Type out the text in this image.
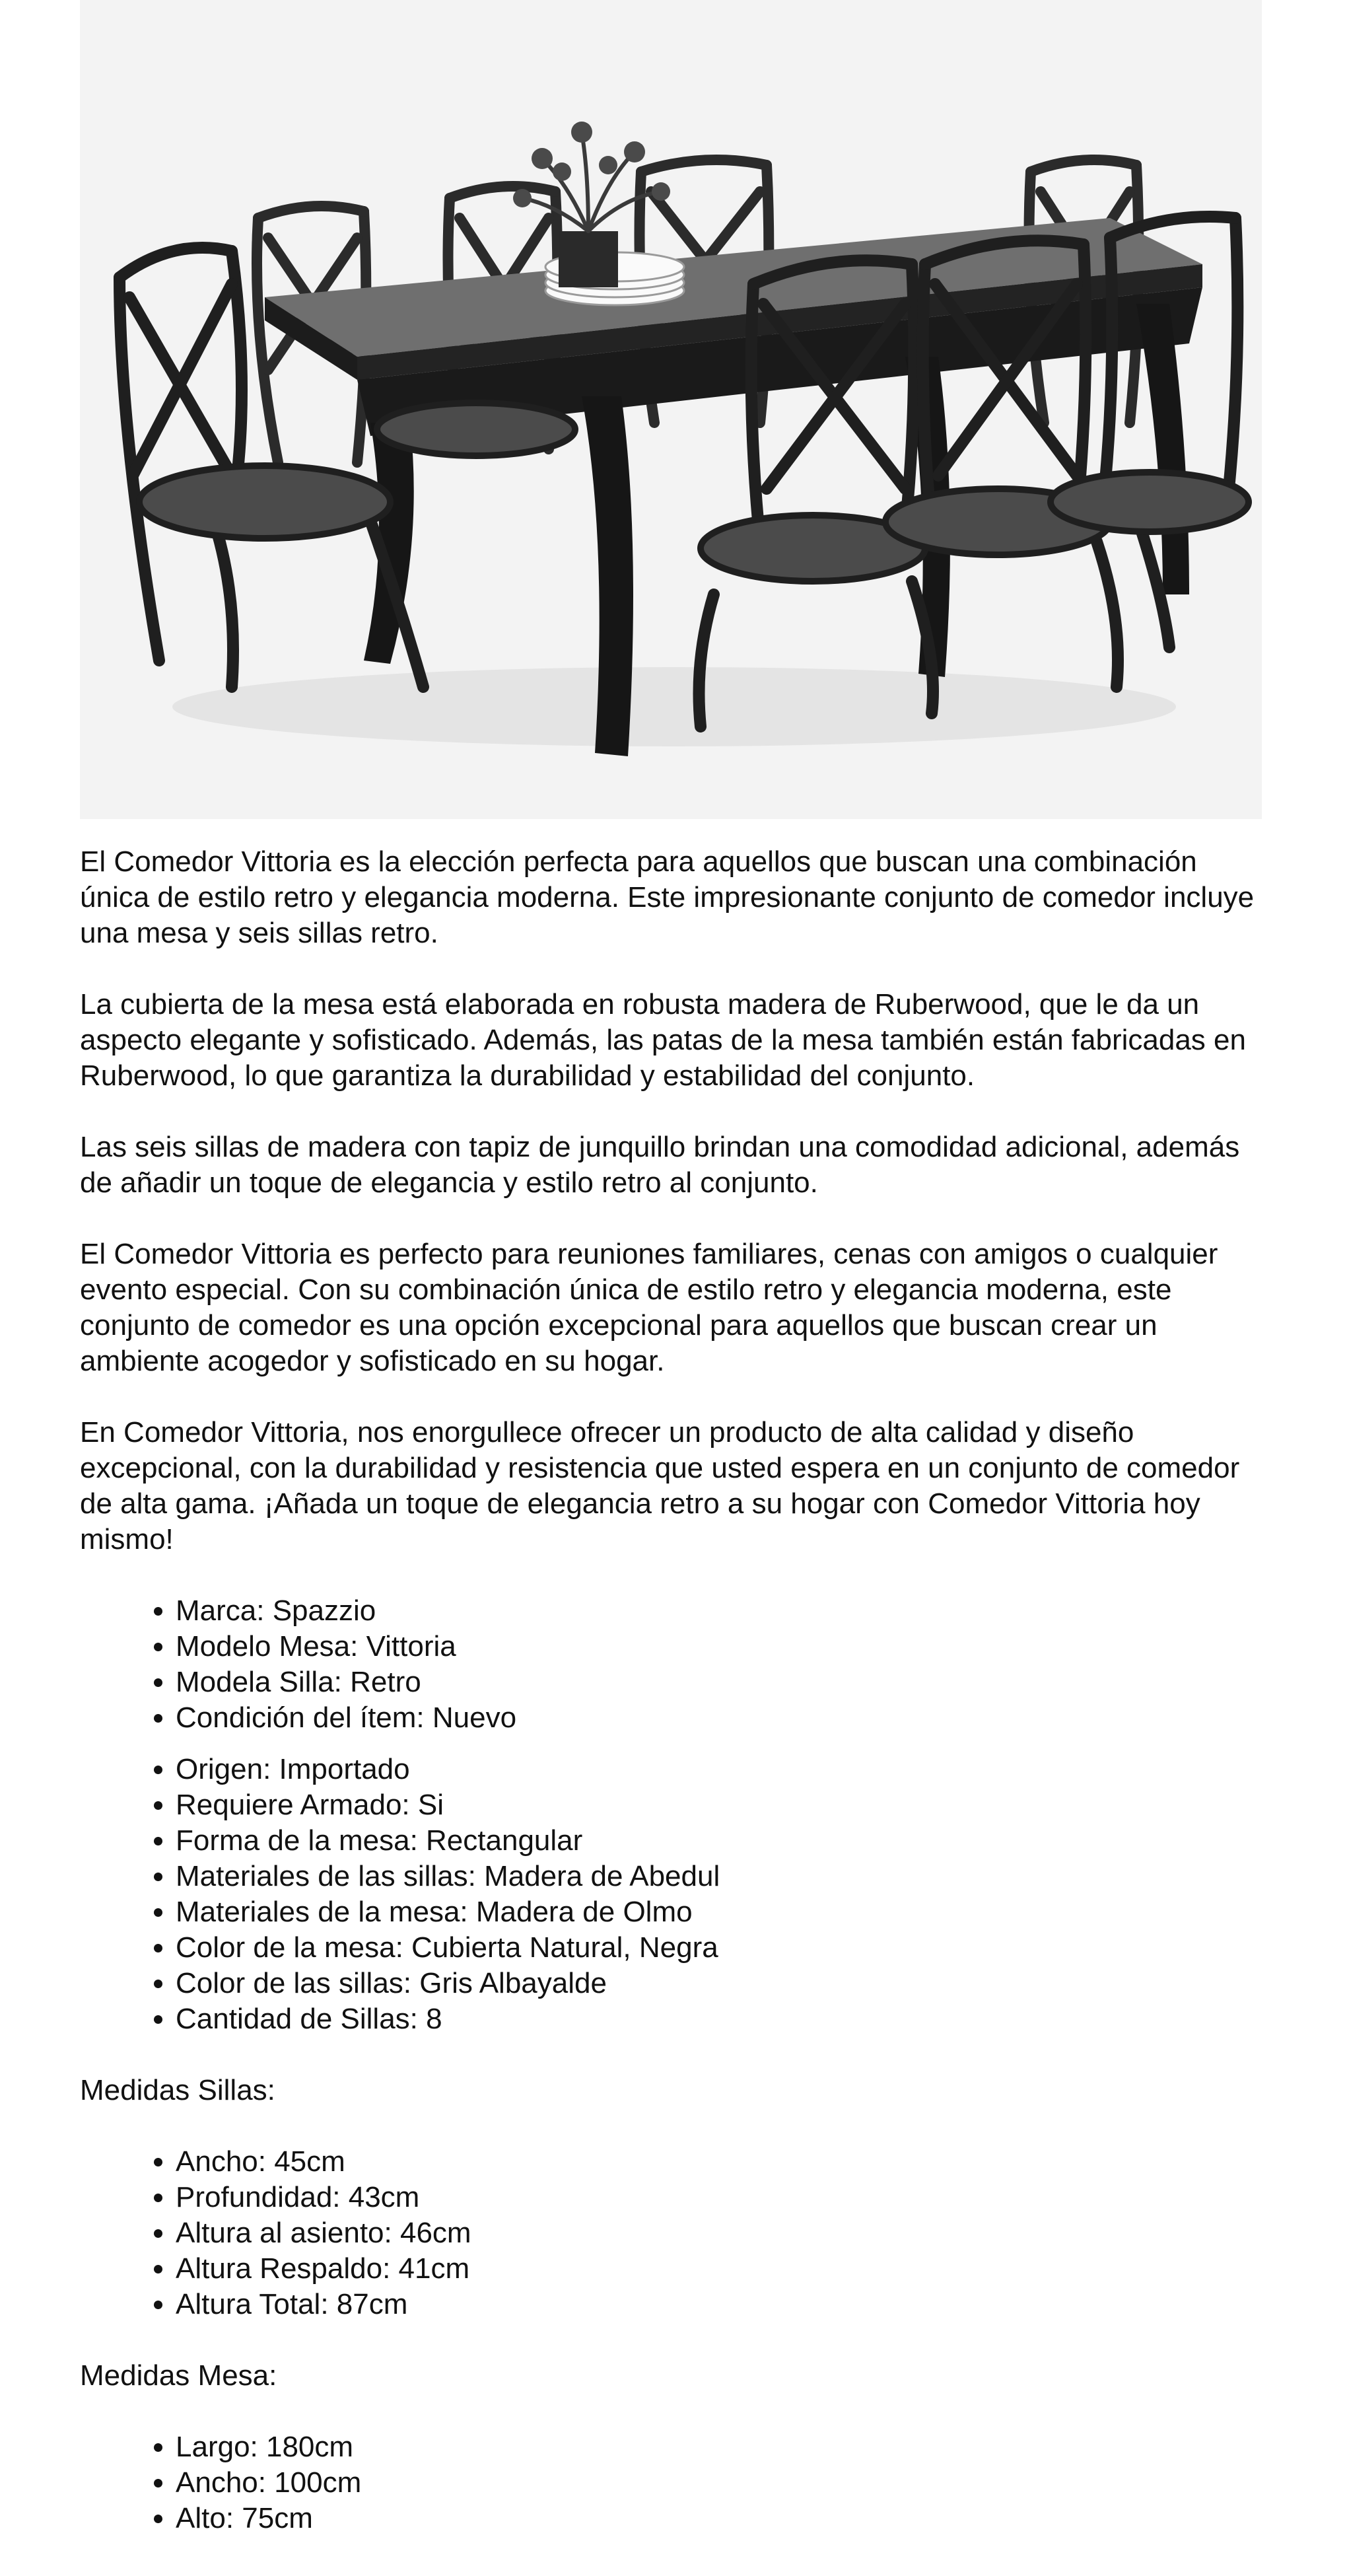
El Comedor Vittoria es la elección perfecta para aquellos que buscan una combinación única de estilo retro y elegancia moderna. Este impresionante conjunto de comedor incluye una mesa y seis sillas retro.

La cubierta de la mesa está elaborada en robusta madera de Ruberwood, que le da un aspecto elegante y sofisticado. Además, las patas de la mesa también están fabricadas en Ruberwood, lo que garantiza la durabilidad y estabilidad del conjunto.

Las seis sillas de madera con tapiz de junquillo brindan una comodidad adicional, además de añadir un toque de elegancia y estilo retro al conjunto.

El Comedor Vittoria es perfecto para reuniones familiares, cenas con amigos o cualquier evento especial. Con su combinación única de estilo retro y elegancia moderna, este conjunto de comedor es una opción excepcional para aquellos que buscan crear un ambiente acogedor y sofisticado en su hogar.

En Comedor Vittoria, nos enorgullece ofrecer un producto de alta calidad y diseño excepcional, con la durabilidad y resistencia que usted espera en un conjunto de comedor de alta gama. ¡Añada un toque de elegancia retro a su hogar con Comedor Vittoria hoy mismo!

• Marca: Spazzio
• Modelo Mesa: Vittoria
• Modela Silla: Retro
• Condición del ítem: Nuevo
• Origen: Importado
• Requiere Armado: Si
• Forma de la mesa: Rectangular
• Materiales de las sillas: Madera de Abedul
• Materiales de la mesa: Madera de Olmo
• Color de la mesa: Cubierta Natural, Negra
• Color de las sillas: Gris Albayalde
• Cantidad de Sillas: 8

Medidas Sillas:

• Ancho: 45cm
• Profundidad: 43cm
• Altura al asiento: 46cm
• Altura Respaldo: 41cm
• Altura Total: 87cm

Medidas Mesa:

• Largo: 180cm
• Ancho: 100cm
• Alto: 75cm
